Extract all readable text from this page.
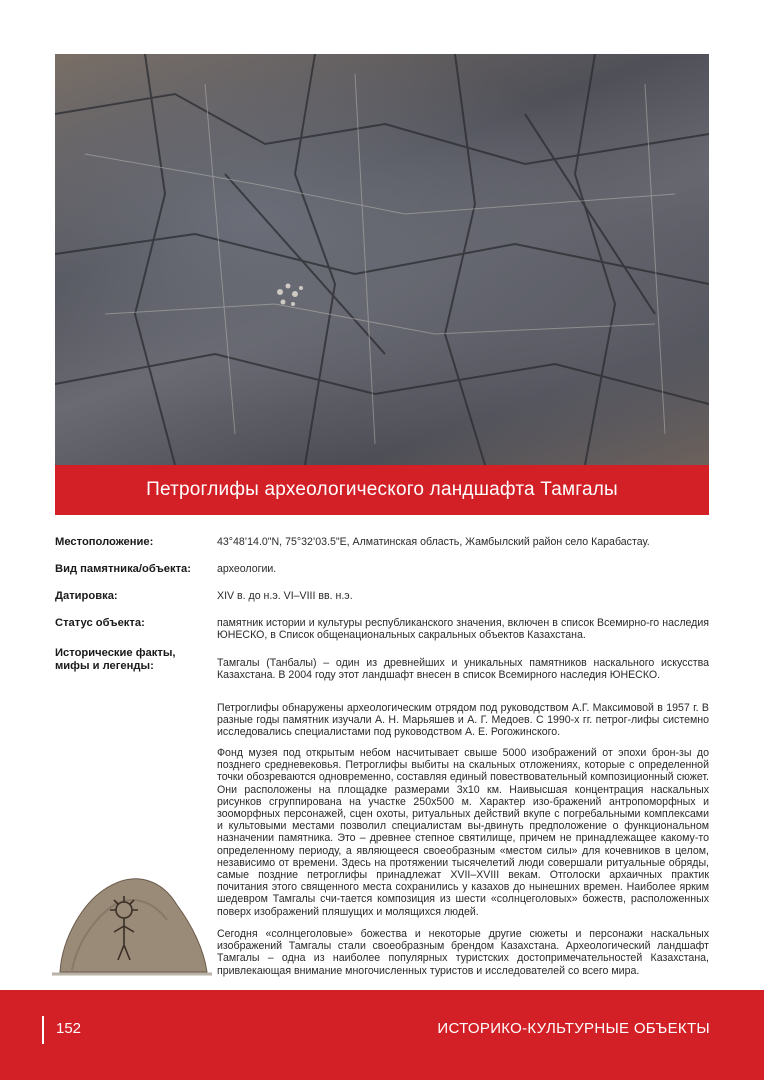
Петроглифы археологического ландшафта Тамгалы
Местоположение:	43°48’14.0"N, 75°32’03.5"E, Алматинская область, Жамбылский район село Карабастау.
Вид памятника/объекта:	археологии.
Датировка:	XIV в. до н.э. VI–VIII вв. н.э.
Статус объекта:	памятник истории и культуры республиканского значения, включен в список Всемирно-го наследия ЮНЕСКО, в Список общенациональных сакральных объектов Казахстана.
Исторические факты, мифы и легенды:	Тамгалы (Танбалы) – один из древнейших и уникальных памятников наскального искусства Казахстана. В 2004 году этот ландшафт внесен в список Всемирного наследия ЮНЕСКО.

Петроглифы обнаружены археологическим отрядом под руководством А.Г. Максимовой в 1957 г. В разные годы памятник изучали А. Н. Марьяшев и А. Г. Медоев. С 1990-х гг. петрог-лифы системно исследовались специалистами под руководством А. Е. Рогожинского.

Фонд музея под открытым небом насчитывает свыше 5000 изображений от эпохи брон-зы до позднего средневековья. Петроглифы выбиты на скальных отложениях, которые с определенной точки обозреваются одновременно, составляя единый повествовательный композиционный сюжет. Они расположены на площадке размерами 3х10 км. Наивысшая концентрация наскальных рисунков сгруппирована на участке 250х500 м. Характер изо-бражений антропоморфных и зооморфных персонажей, сцен охоты, ритуальных действий вкупе с погребальными комплексами и культовыми местами позволил специалистам вы-двинуть предположение о функциональном назначении памятника. Это – древнее степное святилище, причем не принадлежащее какому-то определенному периоду, а являющееся своеобразным «местом силы» для кочевников в целом, независимо от времени. Здесь на протяжении тысячелетий люди совершали ритуальные обряды, самые поздние петроглифы принадлежат XVII–XVIII векам. Отголоски архаичных практик почитания этого священного места сохранились у казахов до нынешних времен. Наиболее ярким шедевром Тамгалы счи-тается композиция из шести «солнцеголовых» божеств, расположенных поверх изображений пляшущих и молящихся людей.

Сегодня «солнцеголовые» божества и некоторые другие сюжеты и персонажи наскальных изображений Тамгалы стали своеобразным брендом Казахстана. Археологический ландшафт Тамгалы – одна из наиболее популярных туристских достопримечательностей Казахстана, привлекающая внимание многочисленных туристов и исследователей со всего мира.

152	ИСТОРИКО-КУЛЬТУРНЫЕ ОБЪЕКТЫ
